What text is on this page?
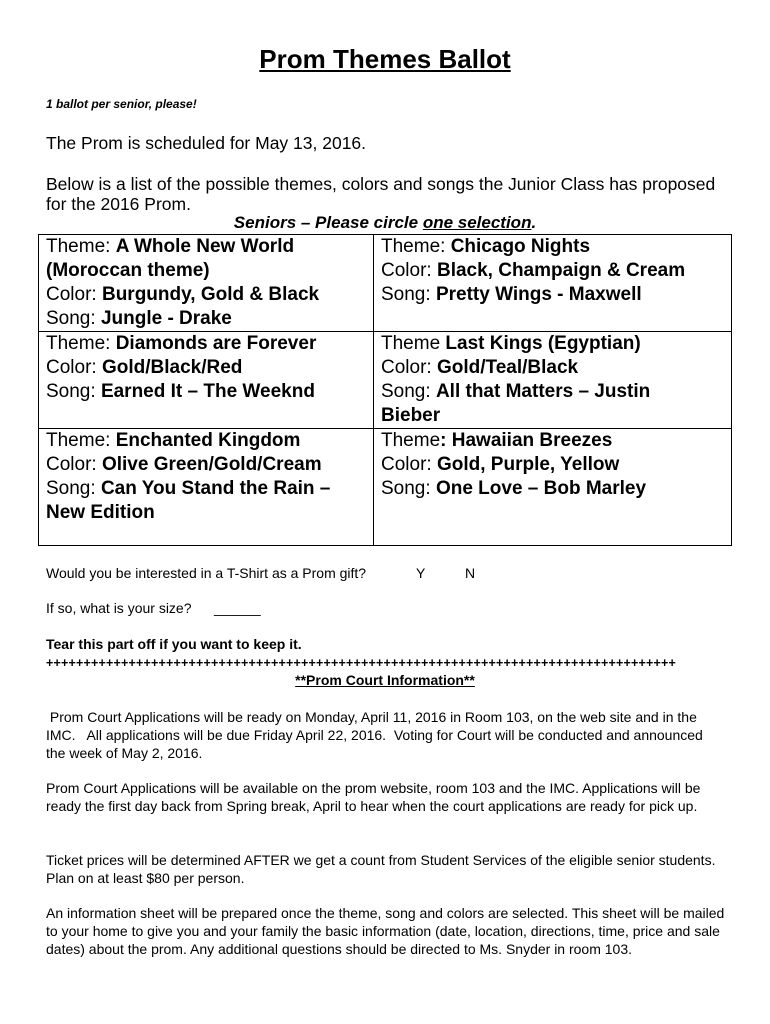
Prom Themes Ballot
1 ballot per senior, please!
The Prom is scheduled for May 13, 2016.
Below is a list of the possible themes, colors and songs the Junior Class has proposed
for the 2016 Prom.
Seniors – Please circle one selection.
Theme: A Whole New World
(Moroccan theme)
Color: Burgundy, Gold & Black
Song: Jungle - Drake	Theme: Chicago Nights
Color: Black, Champaign & Cream
Song: Pretty Wings - Maxwell

Theme: Diamonds are Forever
Color: Gold/Black/Red
Song: Earned It – The Weeknd	Theme Last Kings (Egyptian)
Color: Gold/Teal/Black
Song: All that Matters – Justin
Bieber

Theme: Enchanted Kingdom
Color: Olive Green/Gold/Cream
Song: Can You Stand the Rain –
New Edition	Theme: Hawaiian Breezes
Color: Gold, Purple, Yellow
Song: One Love – Bob Marley
Would you be interested in a T-Shirt as a Prom gift?	Y	N
If so, what is your size? ______
Tear this part off if you want to keep it.
++++++++++++++++++++++++++++++++++++++++++++++++++++++++++++++++++++++++++++++++++++
**Prom Court Information**
Prom Court Applications will be ready on Monday, April 11, 2016 in Room 103, on the web site and in the IMC.   All applications will be due Friday April 22, 2016.  Voting for Court will be conducted and announced the week of May 2, 2016.
Prom Court Applications will be available on the prom website, room 103 and the IMC. Applications will be ready the first day back from Spring break, April to hear when the court applications are ready for pick up.
Ticket prices will be determined AFTER we get a count from Student Services of the eligible senior students. Plan on at least $80 per person.
An information sheet will be prepared once the theme, song and colors are selected. This sheet will be mailed to your home to give you and your family the basic information (date, location, directions, time, price and sale dates) about the prom. Any additional questions should be directed to Ms. Snyder in room 103.
